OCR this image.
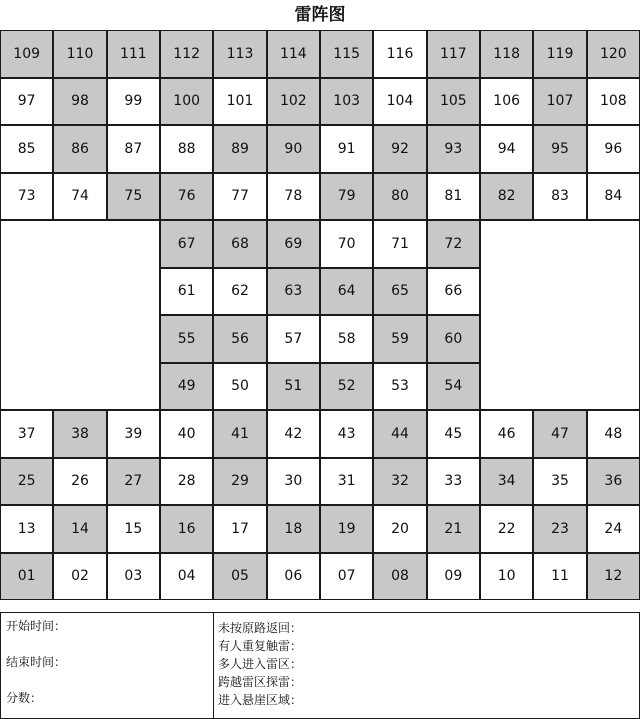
雷阵图
109	110	111	112	113	114	115	116	117	118	119	120
97	98	99	100	101	102	103	104	105	106	107	108
85	86	87	88	89	90	91	92	93	94	95	96
73	74	75	76	77	78	79	80	81	82	83	84
67	68	69	70	71	72
61	62	63	64	65	66
55	56	57	58	59	60
49	50	51	52	53	54
37	38	39	40	41	42	43	44	45	46	47	48
25	26	27	28	29	30	31	32	33	34	35	36
13	14	15	16	17	18	19	20	21	22	23	24
01	02	03	04	05	06	07	08	09	10	11	12
开始时间：
结束时间：
分数：
未按原路返回：
有人重复触雷：
多人进入雷区：
跨越雷区探雷：
进入悬崖区域：
